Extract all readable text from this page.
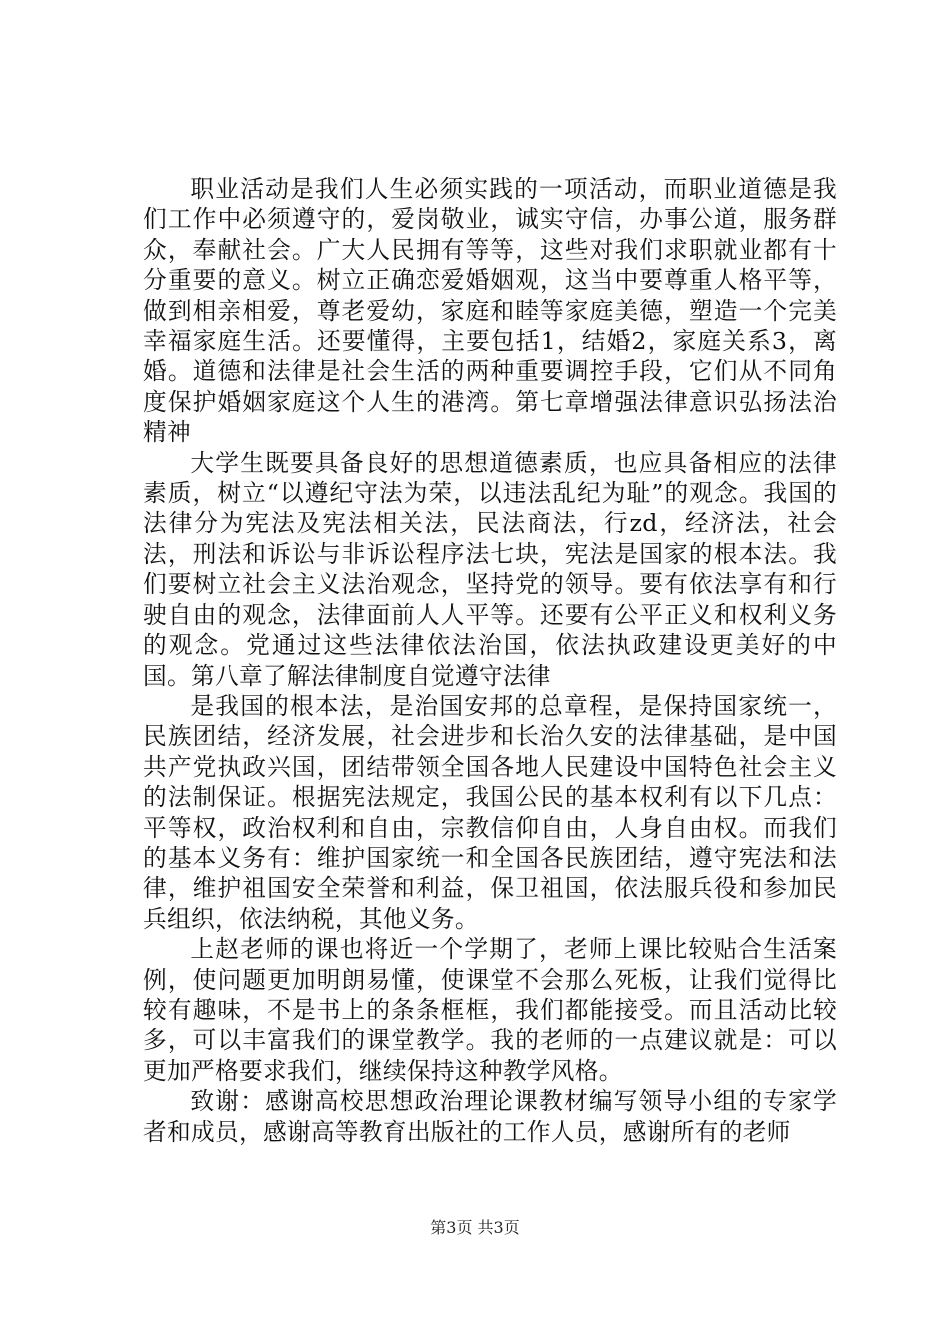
职业活动是我们人生必须实践的一项活动，而职业道德是我们工作中必须遵守的，爱岗敬业，诚实守信，办事公道，服务群众，奉献社会。广大人民拥有等等，这些对我们求职就业都有十分重要的意义。树立正确恋爱婚姻观，这当中要尊重人格平等，做到相亲相爱，尊老爱幼，家庭和睦等家庭美德，塑造一个完美幸福家庭生活。还要懂得，主要包括1，结婚2，家庭关系3，离婚。道德和法律是社会生活的两种重要调控手段，它们从不同角度保护婚姻家庭这个人生的港湾。第七章增强法律意识弘扬法治精神

大学生既要具备良好的思想道德素质，也应具备相应的法律素质，树立“以遵纪守法为荣，以违法乱纪为耻”的观念。我国的法律分为宪法及宪法相关法，民法商法，行zd，经济法，社会法，刑法和诉讼与非诉讼程序法七块，宪法是国家的根本法。我们要树立社会主义法治观念，坚持党的领导。要有依法享有和行驶自由的观念，法律面前人人平等。还要有公平正义和权利义务的观念。党通过这些法律依法治国，依法执政建设更美好的中国。第八章了解法律制度自觉遵守法律

是我国的根本法，是治国安邦的总章程，是保持国家统一，民族团结，经济发展，社会进步和长治久安的法律基础，是中国共产党执政兴国，团结带领全国各地人民建设中国特色社会主义的法制保证。根据宪法规定，我国公民的基本权利有以下几点：平等权，政治权利和自由，宗教信仰自由，人身自由权。而我们的基本义务有：维护国家统一和全国各民族团结，遵守宪法和法律，维护祖国安全荣誉和利益，保卫祖国，依法服兵役和参加民兵组织，依法纳税，其他义务。

上赵老师的课也将近一个学期了，老师上课比较贴合生活案例，使问题更加明朗易懂，使课堂不会那么死板，让我们觉得比较有趣味，不是书上的条条框框，我们都能接受。而且活动比较多，可以丰富我们的课堂教学。我的老师的一点建议就是：可以更加严格要求我们，继续保持这种教学风格。

致谢：感谢高校思想政治理论课教材编写领导小组的专家学者和成员，感谢高等教育出版社的工作人员，感谢所有的老师

第3页 共3页
